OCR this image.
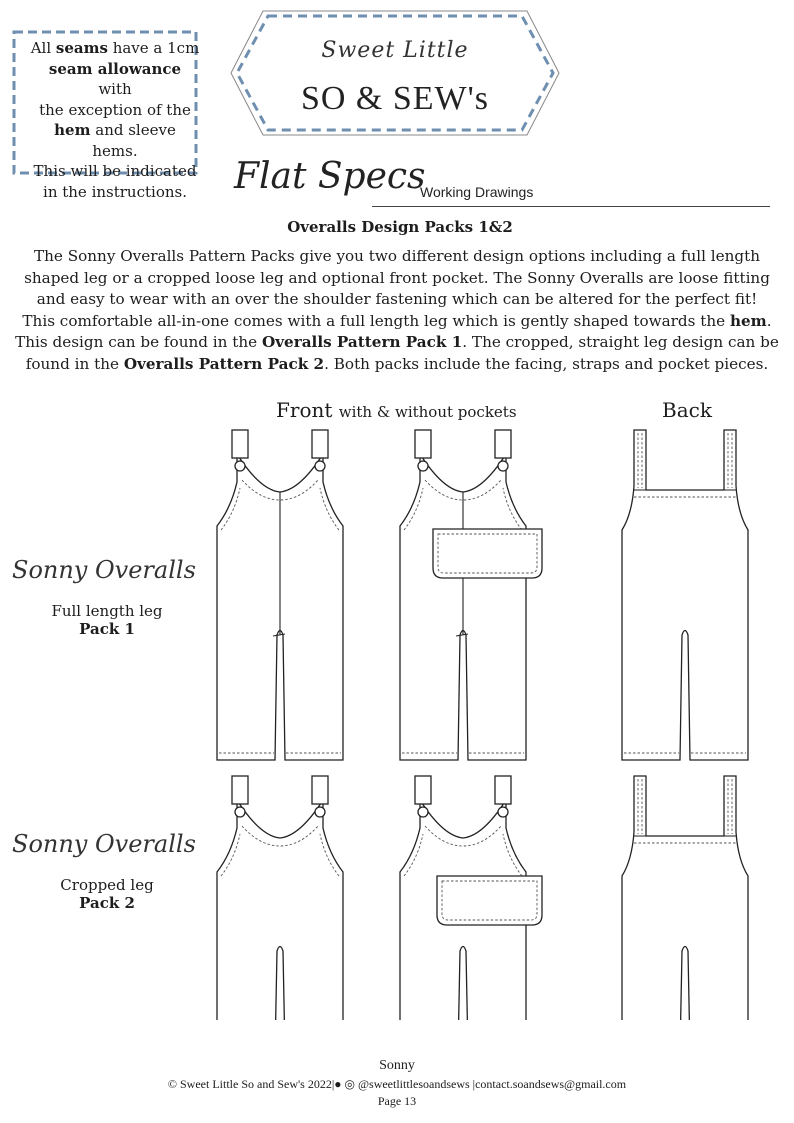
All seams have a 1cm
seam allowance with
the exception of the
hem and sleeve hems.
This will be indicated
in the instructions.
Sweet Little
SO & SEW's
Flat Specs
Working Drawings
Overalls Design Packs 1&2

The Sonny Overalls Pattern Packs give you two different design options including a full length shaped leg or a cropped loose leg and optional front pocket. The Sonny Overalls are loose fitting and easy to wear with an over the shoulder fastening which can be altered for the perfect fit!

This comfortable all-in-one comes with a full length leg which is gently shaped towards the hem. This design can be found in the Overalls Pattern Pack 1. The cropped, straight leg design can be found in the Overalls Pattern Pack 2. Both packs include the facing, straps and pocket pieces.

Front with & without pockets	Back
Sonny Overalls
Full length leg
Pack 1
Sonny Overalls
Cropped leg
Pack 2
Sonny
© Sweet Little So and Sew's 2022|● ◎ @sweetlittlesoandsews |contact.soandsews@gmail.com
Page 13
